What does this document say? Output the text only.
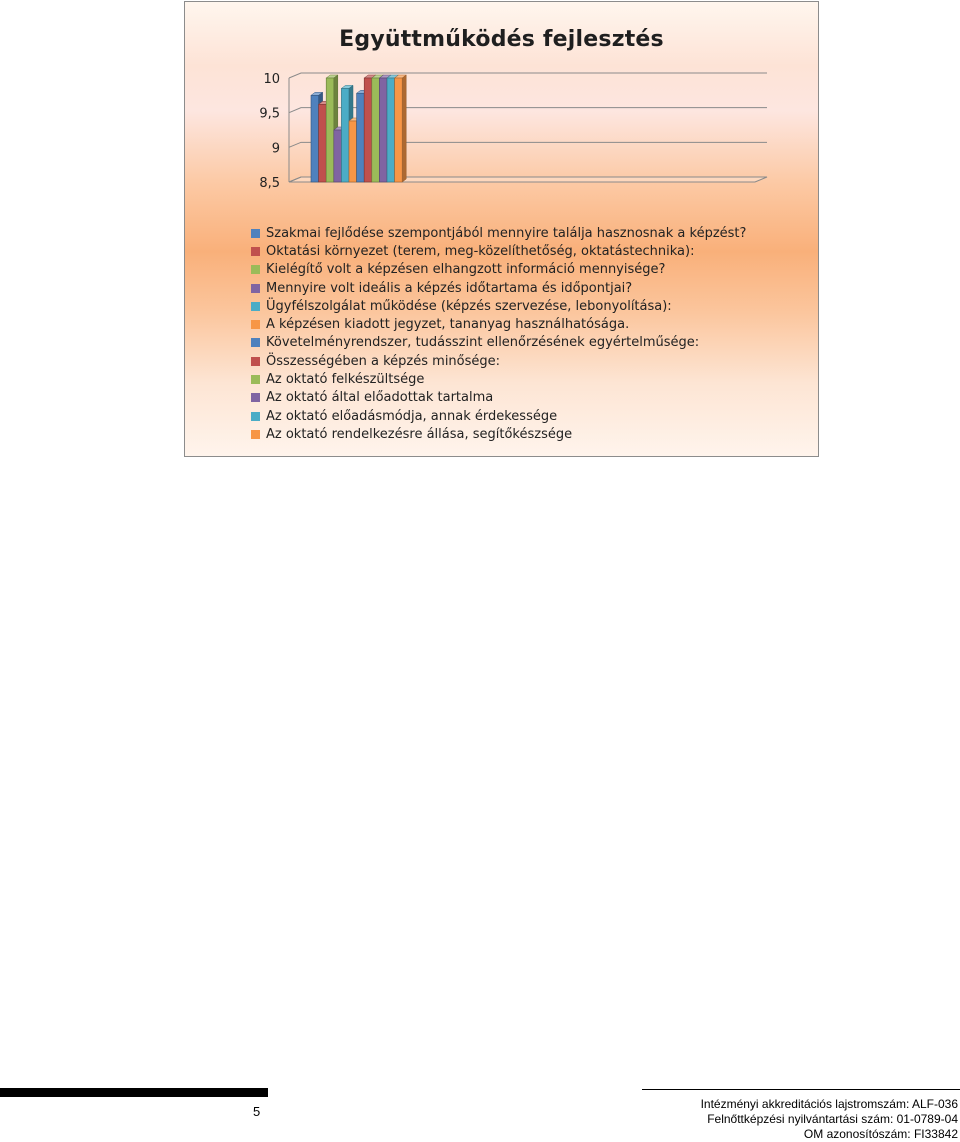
Együttműködés fejlesztés
8,5
9
9,5
10
Szakmai fejlődése szempontjából mennyire találja hasznosnak a képzést?
Oktatási környezet (terem, meg-közelíthetőség, oktatástechnika):
Kielégítő volt a képzésen elhangzott információ mennyisége?
Mennyire volt ideális a képzés időtartama és időpontjai?
Ügyfélszolgálat működése (képzés szervezése, lebonyolítása):
A képzésen kiadott jegyzet, tananyag használhatósága.
Követelményrendszer, tudásszint ellenőrzésének egyértelműsége:
Összességében a képzés minősége:
Az oktató felkészültsége
Az oktató által előadottak tartalma
Az oktató előadásmódja, annak érdekessége
Az oktató rendelkezésre állása, segítőkészsége
5	Intézményi akkreditációs lajstromszám: ALF-036
Felnőttképzési nyilvántartási szám: 01-0789-04
OM azonosítószám: FI33842
